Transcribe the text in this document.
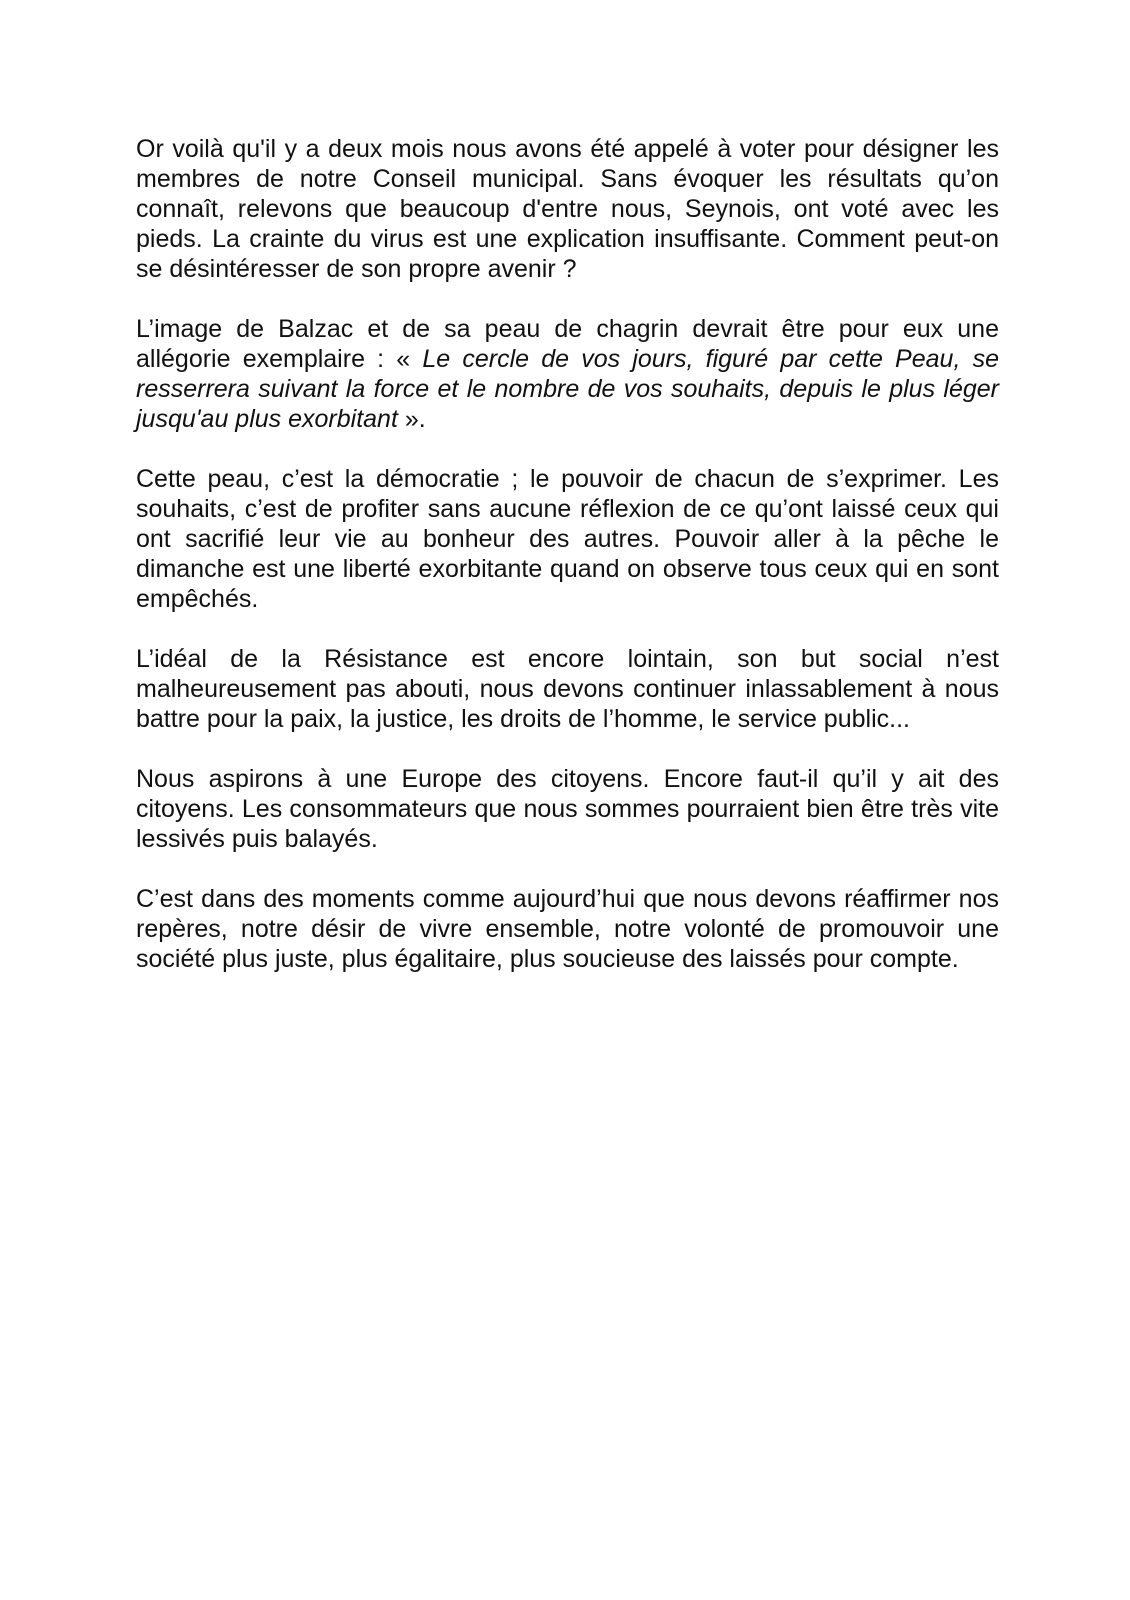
Or voilà qu'il y a deux mois nous avons été appelé à voter pour désigner les membres de notre Conseil municipal. Sans évoquer les résultats qu’on connaît, relevons que beaucoup d'entre nous, Seynois, ont voté avec les pieds. La crainte du virus est une explication insuffisante. Comment peut-on se désintéresser de son propre avenir ?

L’image de Balzac et de sa peau de chagrin devrait être pour eux une allégorie exemplaire : « Le cercle de vos jours, figuré par cette Peau, se resserrera suivant la force et le nombre de vos souhaits, depuis le plus léger jusqu'au plus exorbitant ».

Cette peau, c’est la démocratie ; le pouvoir de chacun de s’exprimer. Les souhaits, c’est de profiter sans aucune réflexion de ce qu’ont laissé ceux qui ont sacrifié leur vie au bonheur des autres. Pouvoir aller à la pêche le dimanche est une liberté exorbitante quand on observe tous ceux qui en sont empêchés.

L’idéal de la Résistance est encore lointain, son but social n’est malheureusement pas abouti, nous devons continuer inlassablement à nous battre pour la paix, la justice, les droits de l’homme, le service public...

Nous aspirons à une Europe des citoyens. Encore faut-il qu’il y ait des citoyens. Les consommateurs que nous sommes pourraient bien être très vite lessivés puis balayés.

C’est dans des moments comme aujourd’hui que nous devons réaffirmer nos repères, notre désir de vivre ensemble, notre volonté de promouvoir une société plus juste, plus égalitaire, plus soucieuse des laissés pour compte.
